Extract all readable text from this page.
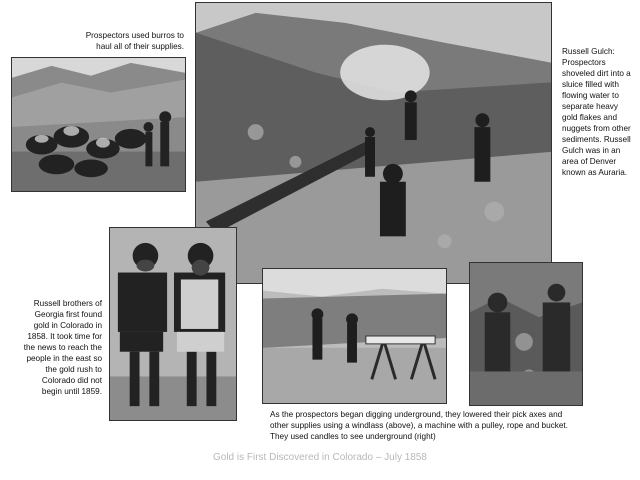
Prospectors used burros to haul all of their supplies.
Russell Gulch: Prospectors shoveled dirt into a sluice filled with flowing water to separate heavy gold flakes and nuggets from other sediments. Russell Gulch was in an area of Denver known as Auraria.
Russell brothers of Georgia first found gold in Colorado in 1858. It took time for the news to reach the people in the east so the gold rush to Colorado did not begin until 1859.
As the prospectors began digging underground, they lowered their pick axes and other supplies using a windlass (above), a machine with a pulley, rope and bucket. They used candles to see underground (right)
Gold is First Discovered in Colorado – July 1858
